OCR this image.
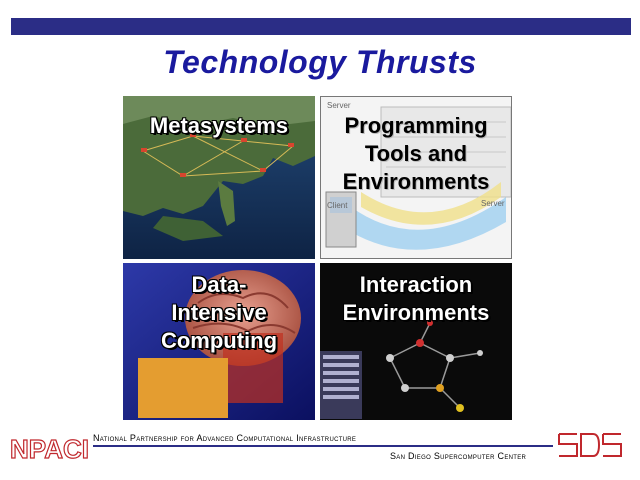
Technology Thrusts
Metasystems
Server
Client	Server
Programming
Tools and
Environments
Data-
Intensive
Computing
Interaction
Environments
NPACI National Partnership for Advanced Computational Infrastructure
San Diego Supercomputer Center
